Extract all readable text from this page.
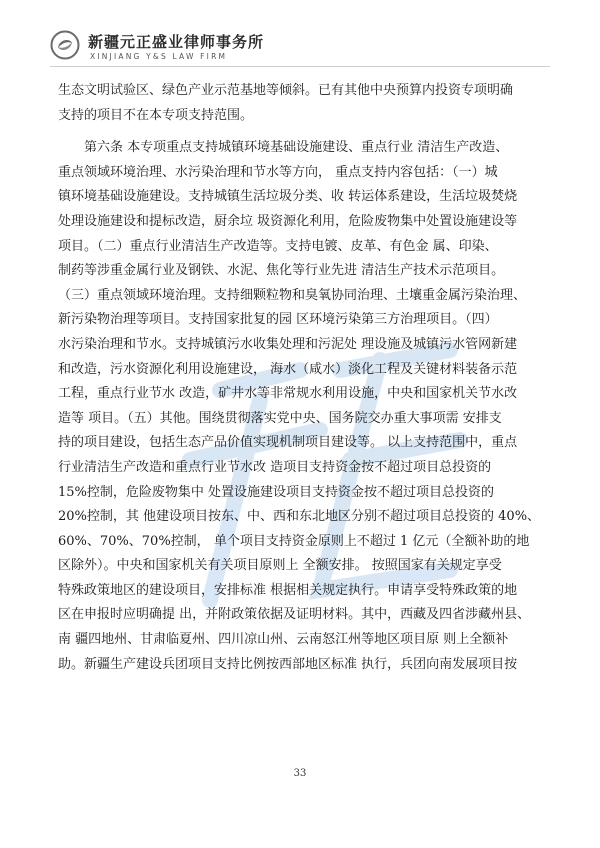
新疆元正盛业律师事务所
XINJIANG Y&S LAW FIRM
生态文明试验区、绿色产业示范基地等倾斜。已有其他中央预算内投资专项明确
支持的项目不在本专项支持范围。
第六条 本专项重点支持城镇环境基础设施建设、重点行业 清洁生产改造、
重点领域环境治理、水污染治理和节水等方向， 重点支持内容包括：（一）城
镇环境基础设施建设。支持城镇生活垃圾分类、收 转运体系建设，生活垃圾焚烧
处理设施建设和提标改造，厨余垃 圾资源化利用，危险废物集中处置设施建设等
项目。（二）重点行业清洁生产改造等。支持电镀、皮革、有色金 属、印染、
制药等涉重金属行业及钢铁、水泥、焦化等行业先进 清洁生产技术示范项目。
（三）重点领域环境治理。支持细颗粒物和臭氧协同治理、土壤重金属污染治理、
新污染物治理等项目。支持国家批复的园 区环境污染第三方治理项目。（四）
水污染治理和节水。支持城镇污水收集处理和污泥处 理设施及城镇污水管网新建
和改造，污水资源化利用设施建设， 海水（咸水）淡化工程及关键材料装备示范
工程，重点行业节水 改造，矿井水等非常规水利用设施，中央和国家机关节水改
造等 项目。（五）其他。围绕贯彻落实党中央、国务院交办重大事项需 安排支
持的项目建设，包括生态产品价值实现机制项目建设等。 以上支持范围中，重点
行业清洁生产改造和重点行业节水改 造项目支持资金按不超过项目总投资的
15%控制，危险废物集中 处置设施建设项目支持资金按不超过项目总投资的
20%控制，其 他建设项目按东、中、西和东北地区分别不超过项目总投资的 40%、
60%、70%、70%控制， 单个项目支持资金原则上不超过 1 亿元（全额补助的地
区除外）。中央和国家机关有关项目原则上 全额安排。 按照国家有关规定享受
特殊政策地区的建设项目，安排标准 根据相关规定执行。申请享受特殊政策的地
区在申报时应明确提 出，并附政策依据及证明材料。其中，西藏及四省涉藏州县、
南 疆四地州、甘肃临夏州、四川凉山州、云南怒江州等地区项目原 则上全额补
助。新疆生产建设兵团项目支持比例按西部地区标准 执行，兵团向南发展项目按
33
